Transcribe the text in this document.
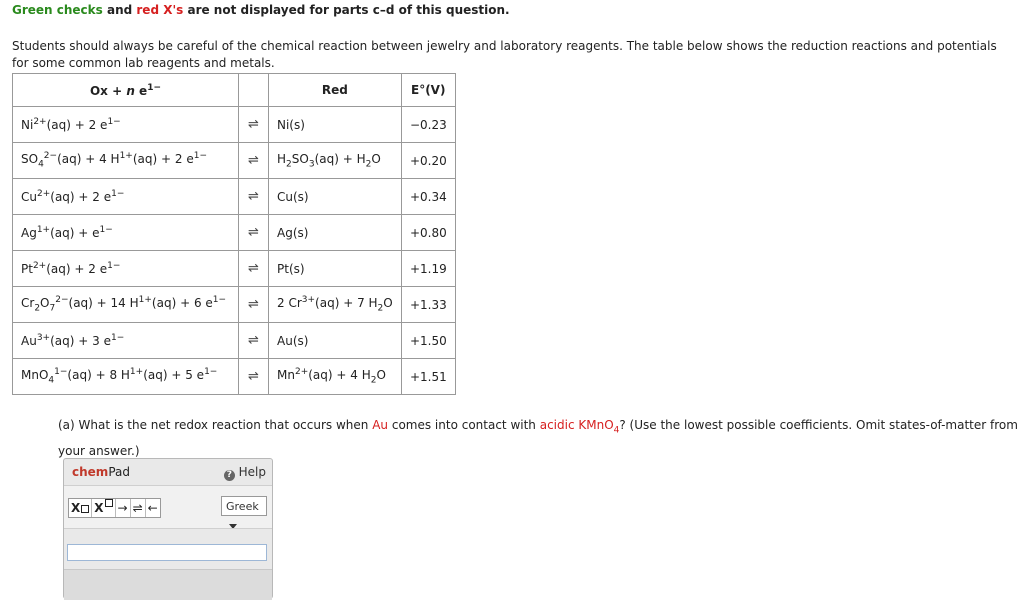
Green checks and red X's are not displayed for parts c–d of this question.
Students should always be careful of the chemical reaction between jewelry and laboratory reagents. The table below shows the reduction reactions and potentials for some common lab reagents and metals.
Ox + n $e^{1-}$		Red	E°(V)
$Ni^{2+}(aq) + 2$ $e^{1-}$	⇌	Ni(s)	−0.23
$SO_4^{2-}(aq) + 4$ $H^{1+}(aq) + 2$ $e^{1-}$	⇌	$H_2SO_3(aq) + H_2O$	+0.20
$Cu^{2+}(aq) + 2$ $e^{1-}$	⇌	Cu(s)	+0.34
$Ag^{1+}(aq) + e^{1-}$	⇌	Ag(s)	+0.80
$Pt^{2+}(aq) + 2$ $e^{1-}$	⇌	Pt(s)	+1.19
$Cr_2O_7^{2-}(aq) + 14$ $H^{1+}(aq) + 6$ $e^{1-}$	⇌	2 $Cr^{3+}(aq) + 7$ $H_2O$	+1.33
$Au^{3+}(aq) + 3$ $e^{1-}$	⇌	Au(s)	+1.50
MnO$_4^{1-}$(aq) + 8 $H^{1+}(aq) + 5$ $e^{1-}$	⇌	$Mn^{2+}(aq) + 4$ $H_2O$	+1.51
(a) What is the net redox reaction that occurs when Au comes into contact with acidic KMnO$_4$? (Use the lowest possible coefficients. Omit states-of-matter from your answer.)
chemPad	? Help
X	X	→ ⇌ ←	Greek
